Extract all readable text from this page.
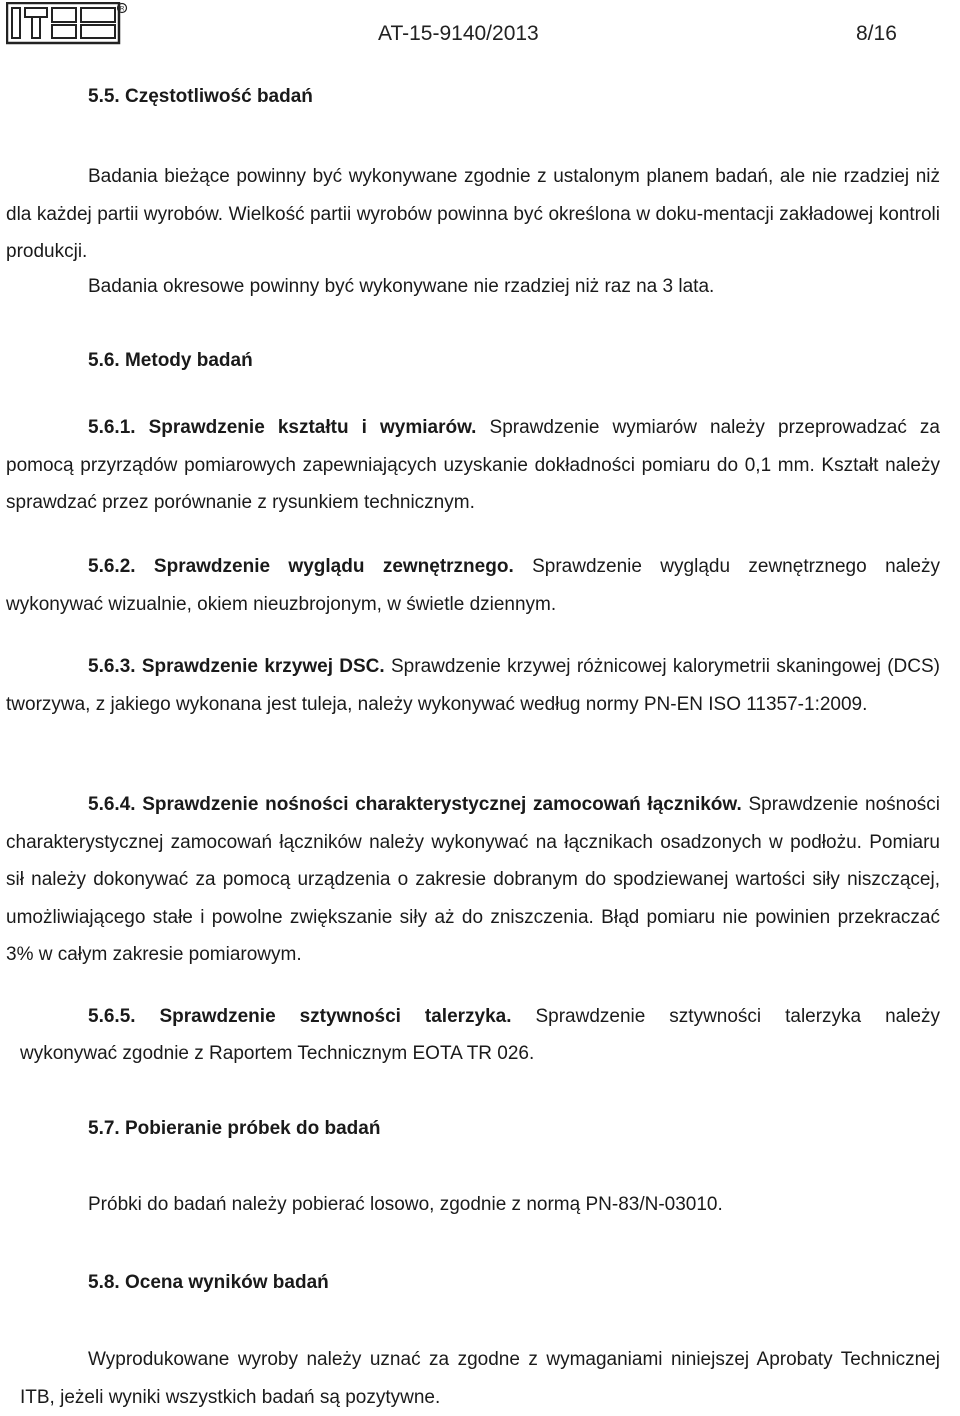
R
AT-15-9140/2013	8/16
5.5. Częstotliwość badań

Badania bieżące powinny być wykonywane zgodnie z ustalonym planem badań, ale nie rzadziej niż dla każdej partii wyrobów. Wielkość partii wyrobów powinna być określona w doku-mentacji zakładowej kontroli produkcji.

Badania okresowe powinny być wykonywane nie rzadziej niż raz na 3 lata.

5.6. Metody badań

5.6.1. Sprawdzenie kształtu i wymiarów. Sprawdzenie wymiarów należy przeprowadzać za pomocą przyrządów pomiarowych zapewniających uzyskanie dokładności pomiaru do 0,1 mm. Kształt należy sprawdzać przez porównanie z rysunkiem technicznym.

5.6.2. Sprawdzenie wyglądu zewnętrznego. Sprawdzenie wyglądu zewnętrznego należy wykonywać wizualnie, okiem nieuzbrojonym, w świetle dziennym.

5.6.3. Sprawdzenie krzywej DSC. Sprawdzenie krzywej różnicowej kalorymetrii skaningowej (DCS) tworzywa, z jakiego wykonana jest tuleja, należy wykonywać według normy PN-EN ISO 11357-1:2009.

5.6.4. Sprawdzenie nośności charakterystycznej zamocowań łączników. Sprawdzenie nośności charakterystycznej zamocowań łączników należy wykonywać na łącznikach osadzonych w podłożu. Pomiaru sił należy dokonywać za pomocą urządzenia o zakresie dobranym do spodziewanej wartości siły niszczącej, umożliwiającego stałe i powolne zwiększanie siły aż do zniszczenia. Błąd pomiaru nie powinien przekraczać 3% w całym zakresie pomiarowym.

5.6.5. Sprawdzenie sztywności talerzyka. Sprawdzenie sztywności talerzyka należy
wykonywać zgodnie z Raportem Technicznym EOTA TR 026.
5.7. Pobieranie próbek do badań

Próbki do badań należy pobierać losowo, zgodnie z normą PN-83/N-03010.

5.8. Ocena wyników badań

Wyprodukowane wyroby należy uznać za zgodne z wymaganiami niniejszej Aprobaty Technicznej ITB, jeżeli wyniki wszystkich badań są pozytywne.
